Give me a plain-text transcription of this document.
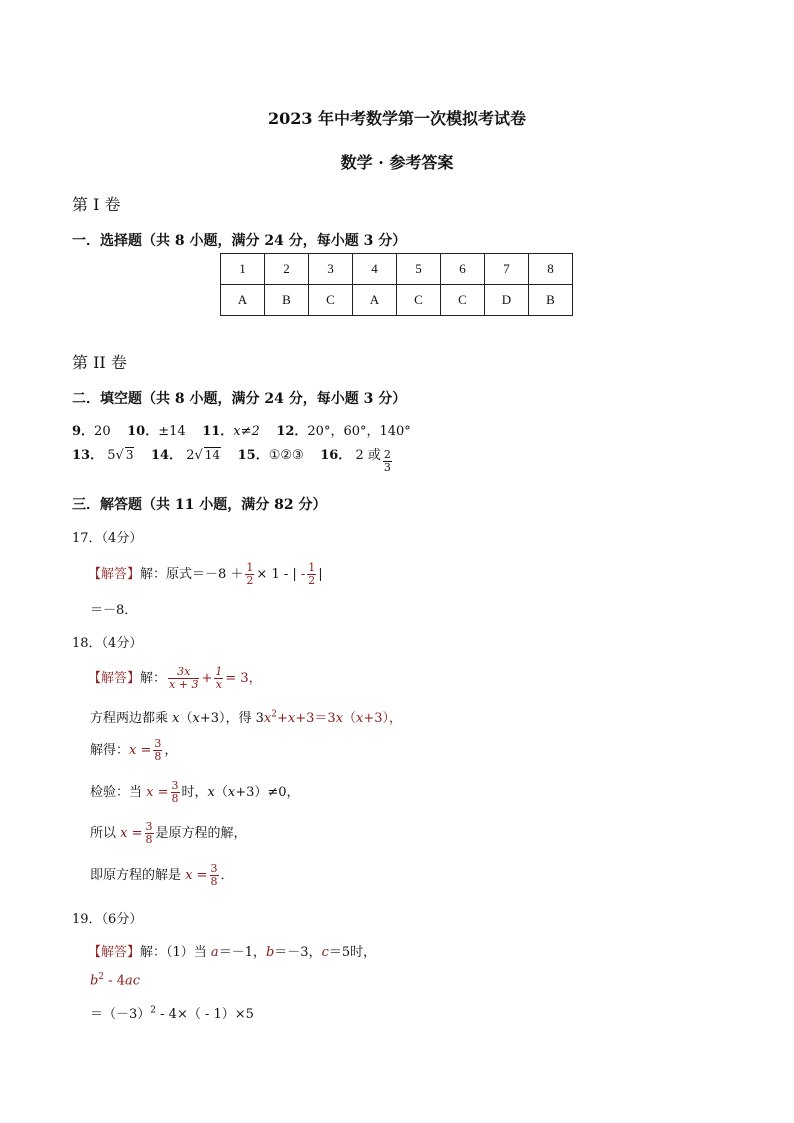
2023 年中考数学第一次模拟考试卷
数学 · 参考答案
第 I 卷
一．选择题（共 8 小题，满分 24 分，每小题 3 分）
1	2	3	4	5	6	7	8
A	B	C	A	C	C	D	B
第 II 卷
二．填空题（共 8 小题，满分 24 分，每小题 3 分）
9．20 10．±14 11．x≠2 12．20°，60°，140°
13． 5√ 3 14． 2√ 14 15．①②③ 16． 2 或 $\frac{2}{3}$
三．解答题（共 11 小题，满分 82 分）
17．（4分）
【解答】解：原式$=-8 + \frac{1}{2} \times 1$ - | - $\frac{1}{2}$ |
＝－8．
18．（4分）
【解答】解： $\frac{3x}{x + 3} + \frac{1}{x} = 3$，
方程两边都乘 x（x+3），得 $3x^2+x+3=3x(x+3)$，
解得：$x = \frac{3}{8}$ ，
检验：当 $x = \frac{3}{8}$ 时，x（x+3）≠0，
所以 $x = \frac{3}{8}$ 是原方程的解，
即原方程的解是 $x = \frac{3}{8}$ ．
19．（6分）
【解答】解：（1）当 a＝－1，b＝－3，c＝5时，
$b^2 - 4ac$
$=(-3)^2 - 4\times( - 1)\times 5$
